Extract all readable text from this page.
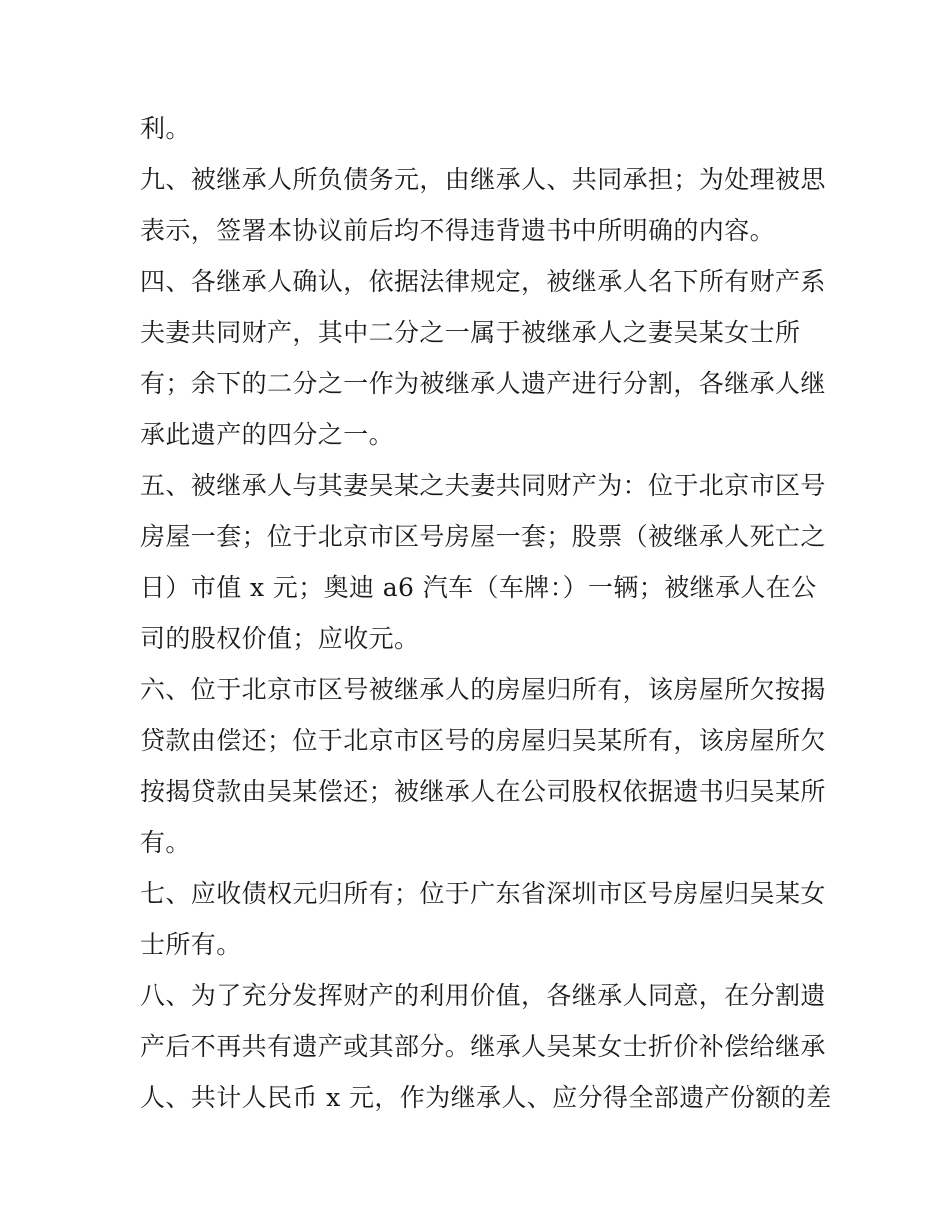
利。
九、被继承人所负债务元，由继承人、共同承担；为处理被思
表示，签署本协议前后均不得违背遗书中所明确的内容。
四、各继承人确认，依据法律规定，被继承人名下所有财产系
夫妻共同财产，其中二分之一属于被继承人之妻吴某女士所
有；余下的二分之一作为被继承人遗产进行分割，各继承人继
承此遗产的四分之一。
五、被继承人与其妻吴某之夫妻共同财产为：位于北京市区号
房屋一套；位于北京市区号房屋一套；股票（被继承人死亡之
日）市值 x 元；奥迪 a6 汽车（车牌：）一辆；被继承人在公
司的股权价值；应收元。
六、位于北京市区号被继承人的房屋归所有，该房屋所欠按揭
贷款由偿还；位于北京市区号的房屋归吴某所有，该房屋所欠
按揭贷款由吴某偿还；被继承人在公司股权依据遗书归吴某所
有。
七、应收债权元归所有；位于广东省深圳市区号房屋归吴某女
士所有。
八、为了充分发挥财产的利用价值，各继承人同意，在分割遗
产后不再共有遗产或其部分。继承人吴某女士折价补偿给继承
人、共计人民币 x 元，作为继承人、应分得全部遗产份额的差
